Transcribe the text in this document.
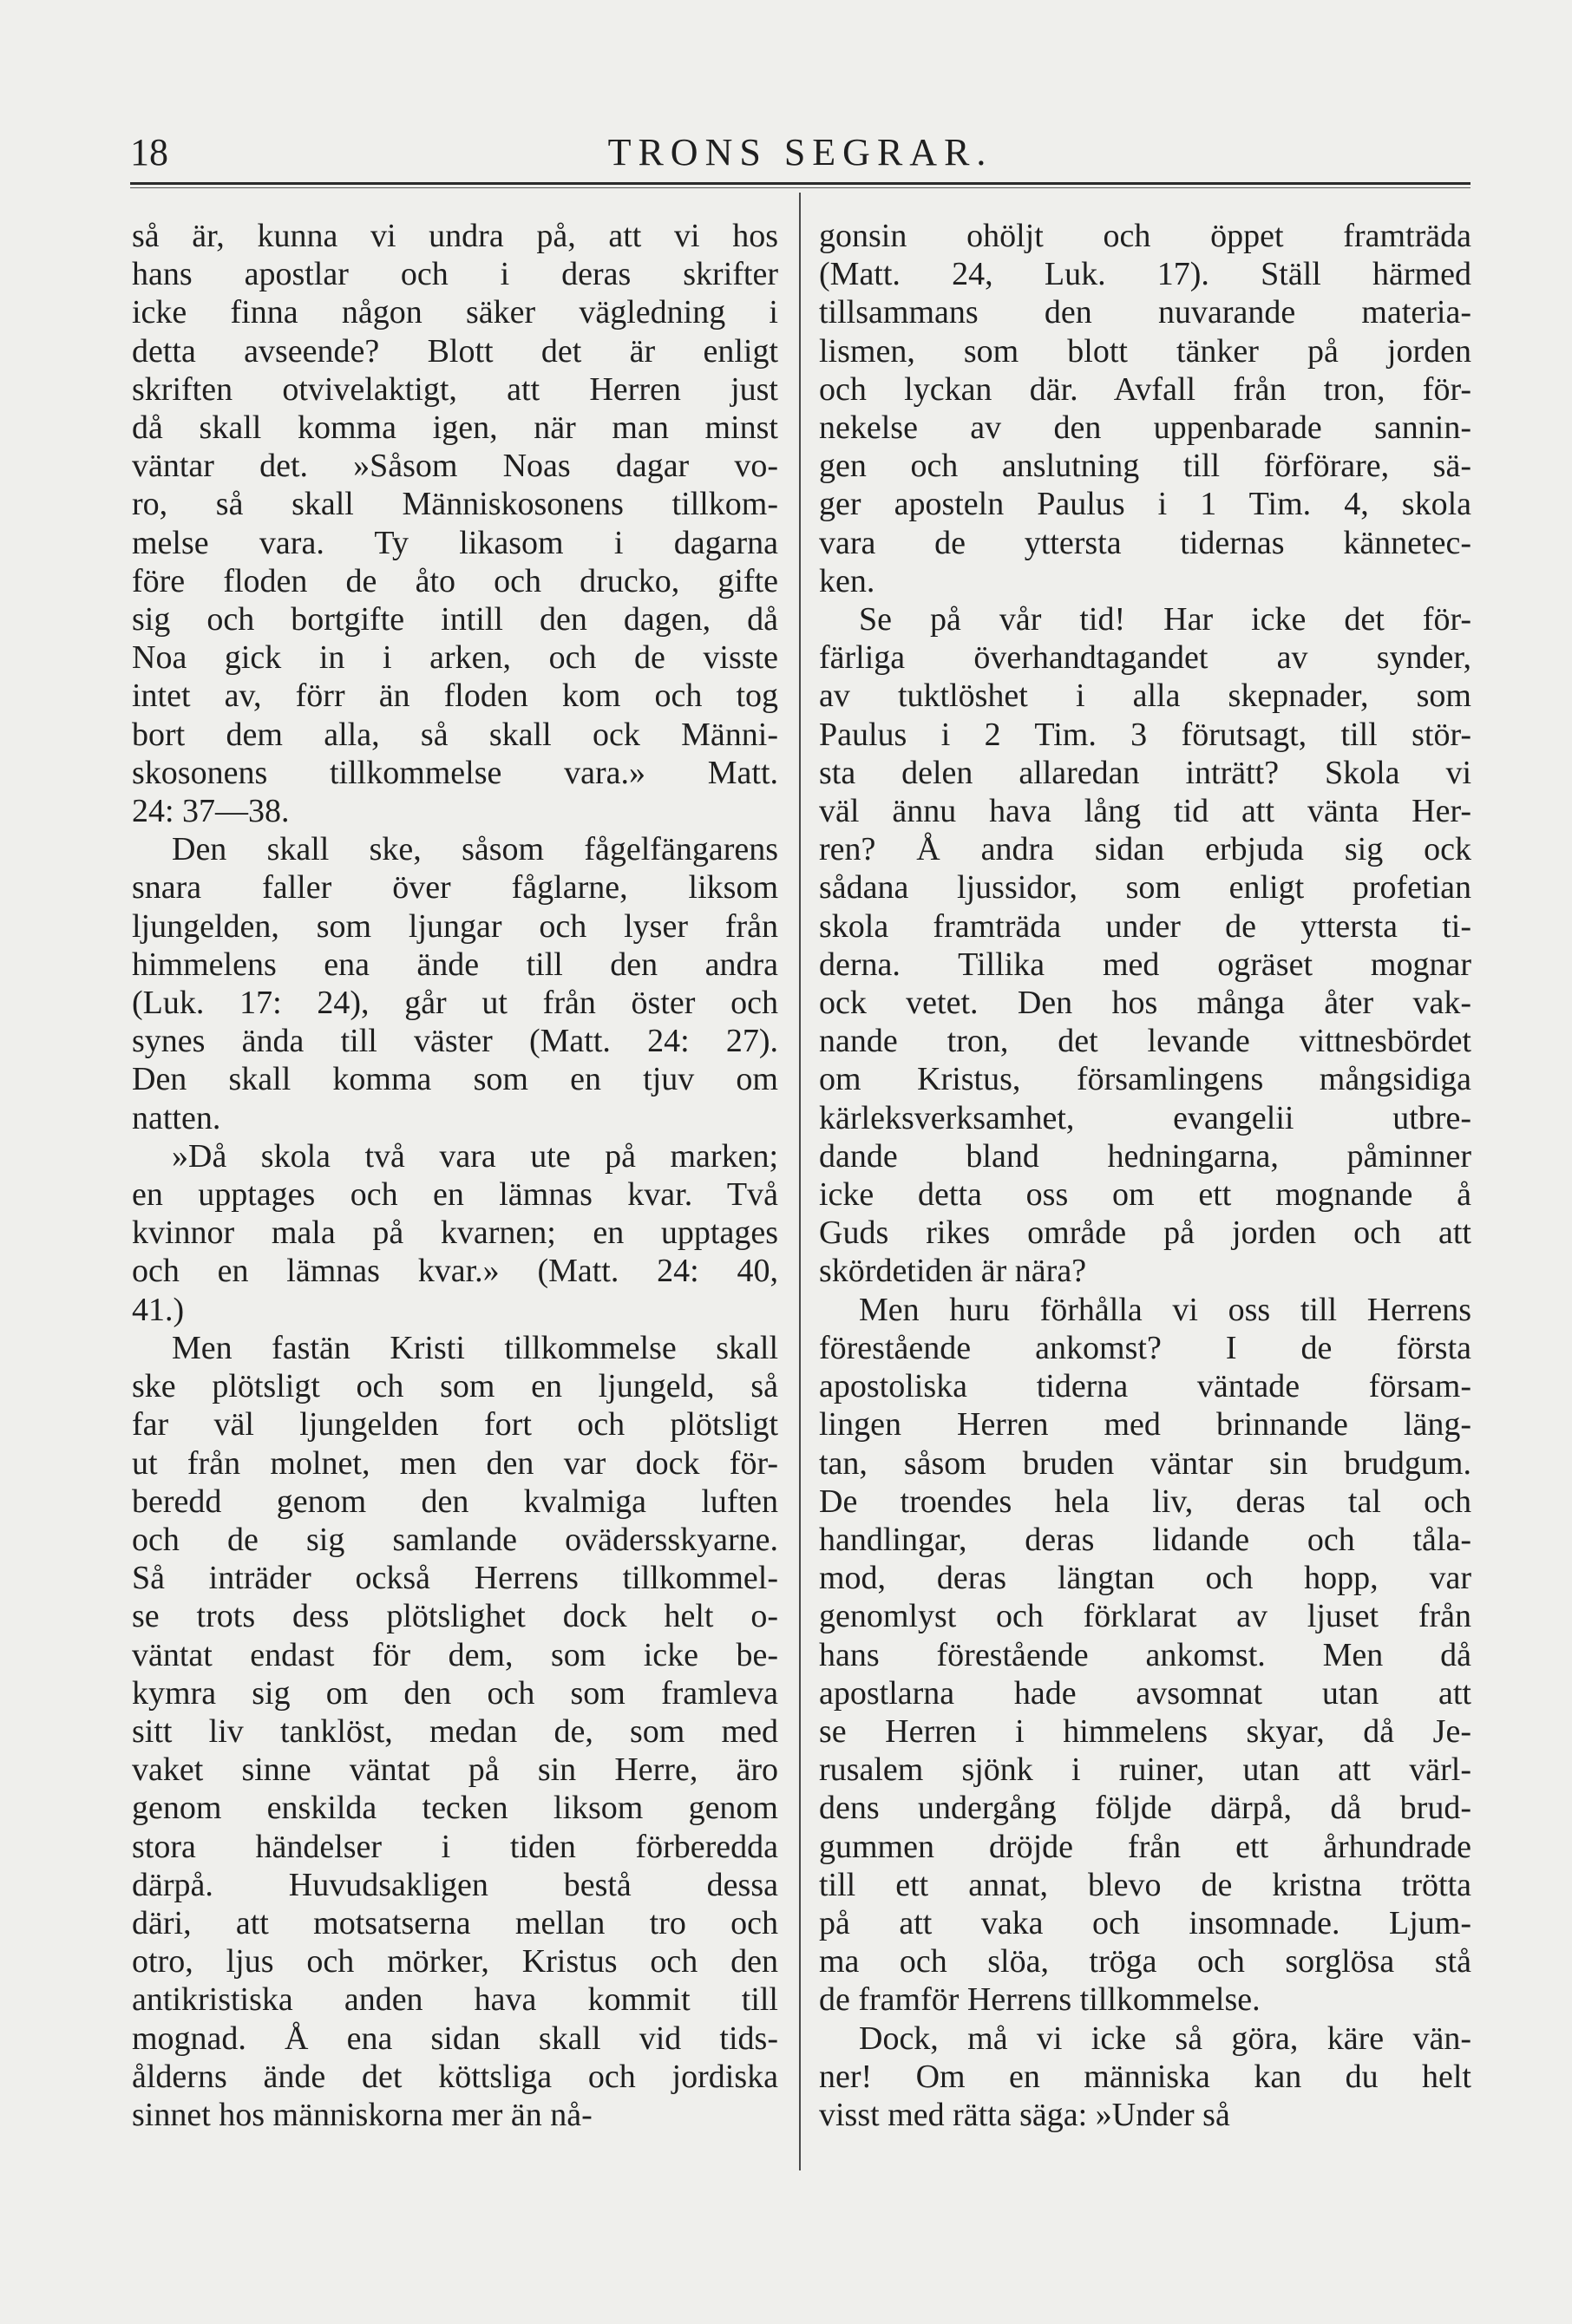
18	TRONS SEGRAR.

så är, kunna vi undra på, att vi hos
hans apostlar och i deras skrifter
icke finna någon säker vägledning i
detta avseende? Blott det är enligt
skriften otvivelaktigt, att Herren just
då skall komma igen, när man minst
väntar det. »Såsom Noas dagar vo-
ro, så skall Människosonens tillkom-
melse vara. Ty likasom i dagarna
före floden de åto och drucko, gifte
sig och bortgifte intill den dagen, då
Noa gick in i arken, och de visste
intet av, förr än floden kom och tog
bort dem alla, så skall ock Männi-
skosonens tillkommelse vara.» Matt.
24: 37—38.

Den skall ske, såsom fågelfängarens
snara faller över fåglarne, liksom
ljungelden, som ljungar och lyser från
himmelens ena ände till den andra
(Luk. 17: 24), går ut från öster och
synes ända till väster (Matt. 24: 27).
Den skall komma som en tjuv om
natten.

»Då skola två vara ute på marken;
en upptages och en lämnas kvar. Två
kvinnor mala på kvarnen; en upptages
och en lämnas kvar.» (Matt. 24: 40,
41.)

Men fastän Kristi tillkommelse skall
ske plötsligt och som en ljungeld, så
far väl ljungelden fort och plötsligt
ut från molnet, men den var dock för-
beredd genom den kvalmiga luften
och de sig samlande ovädersskyarne.
Så inträder också Herrens tillkommel-
se trots dess plötslighet dock helt o-
väntat endast för dem, som icke be-
kymra sig om den och som framleva
sitt liv tanklöst, medan de, som med
vaket sinne väntat på sin Herre, äro
genom enskilda tecken liksom genom
stora händelser i tiden förberedda
därpå. Huvudsakligen bestå dessa
däri, att motsatserna mellan tro och
otro, ljus och mörker, Kristus och den
antikristiska anden hava kommit till
mognad. Å ena sidan skall vid tids-
ålderns ände det köttsliga och jordiska
sinnet hos människorna mer än nå-

gonsin ohöljt och öppet framträda
(Matt. 24, Luk. 17). Ställ härmed
tillsammans den nuvarande materia-
lismen, som blott tänker på jorden
och lyckan där. Avfall från tron, för-
nekelse av den uppenbarade sannin-
gen och anslutning till förförare, sä-
ger aposteln Paulus i 1 Tim. 4, skola
vara de yttersta tidernas kännetec-
ken.

Se på vår tid! Har icke det för-
färliga överhandtagandet av synder,
av tuktlöshet i alla skepnader, som
Paulus i 2 Tim. 3 förutsagt, till stör-
sta delen allaredan inträtt? Skola vi
väl ännu hava lång tid att vänta Her-
ren? Å andra sidan erbjuda sig ock
sådana ljussidor, som enligt profetian
skola framträda under de yttersta ti-
derna. Tillika med ogräset mognar
ock vetet. Den hos många åter vak-
nande tron, det levande vittnesbördet
om Kristus, församlingens mångsidiga
kärleksverksamhet, evangelii utbre-
dande bland hedningarna, påminner
icke detta oss om ett mognande å
Guds rikes område på jorden och att
skördetiden är nära?

Men huru förhålla vi oss till Herrens
förestående ankomst? I de första
apostoliska tiderna väntade försam-
lingen Herren med brinnande läng-
tan, såsom bruden väntar sin brudgum.
De troendes hela liv, deras tal och
handlingar, deras lidande och tåla-
mod, deras längtan och hopp, var
genomlyst och förklarat av ljuset från
hans förestående ankomst. Men då
apostlarna hade avsomnat utan att
se Herren i himmelens skyar, då Je-
rusalem sjönk i ruiner, utan att värl-
dens undergång följde därpå, då brud-
gummen dröjde från ett århundrade
till ett annat, blevo de kristna trötta
på att vaka och insomnade. Ljum-
ma och slöa, tröga och sorglösa stå
de framför Herrens tillkommelse.

Dock, må vi icke så göra, käre vän-
ner! Om en människa kan du helt
visst med rätta säga: »Under så
